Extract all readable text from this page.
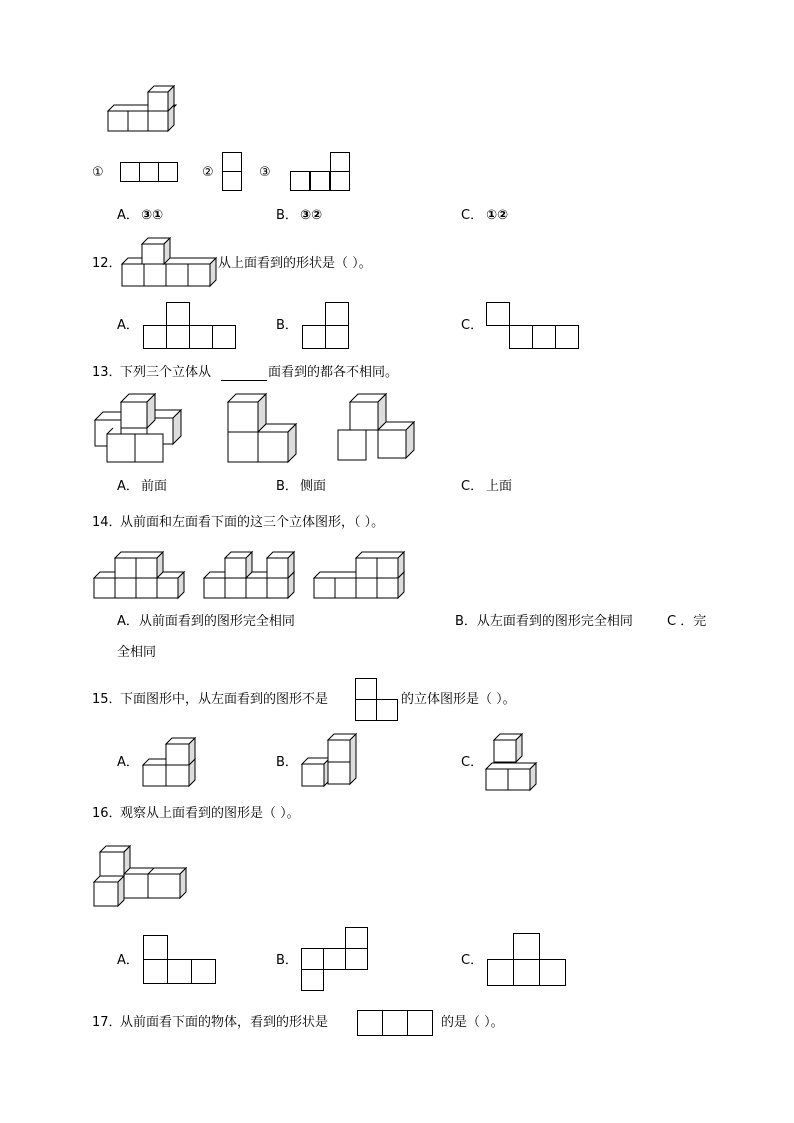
①	②	③
A． ③①	B． ③②	C． ①②
12．	从上面看到的形状是（ ）。
A．	B．	C．
13．
下列三个立体从	面看到的都各不相同。
A． 前面	B． 侧面	C． 上面
14．
从前面和左面看下面的这三个立体图形，（ ）。
A．从前面看到的图形完全相同	B．从左面看到的图形完全相同	C ．完
全相同
15．
下面图形中，从左面看到的图形不是	的立体图形是（ ）。
A．	B．	C．
16．
观察从上面看到的图形是（ ）。
A．	B．	C．
17．
从前面看下面的物体，看到的形状是	的是（ ）。
